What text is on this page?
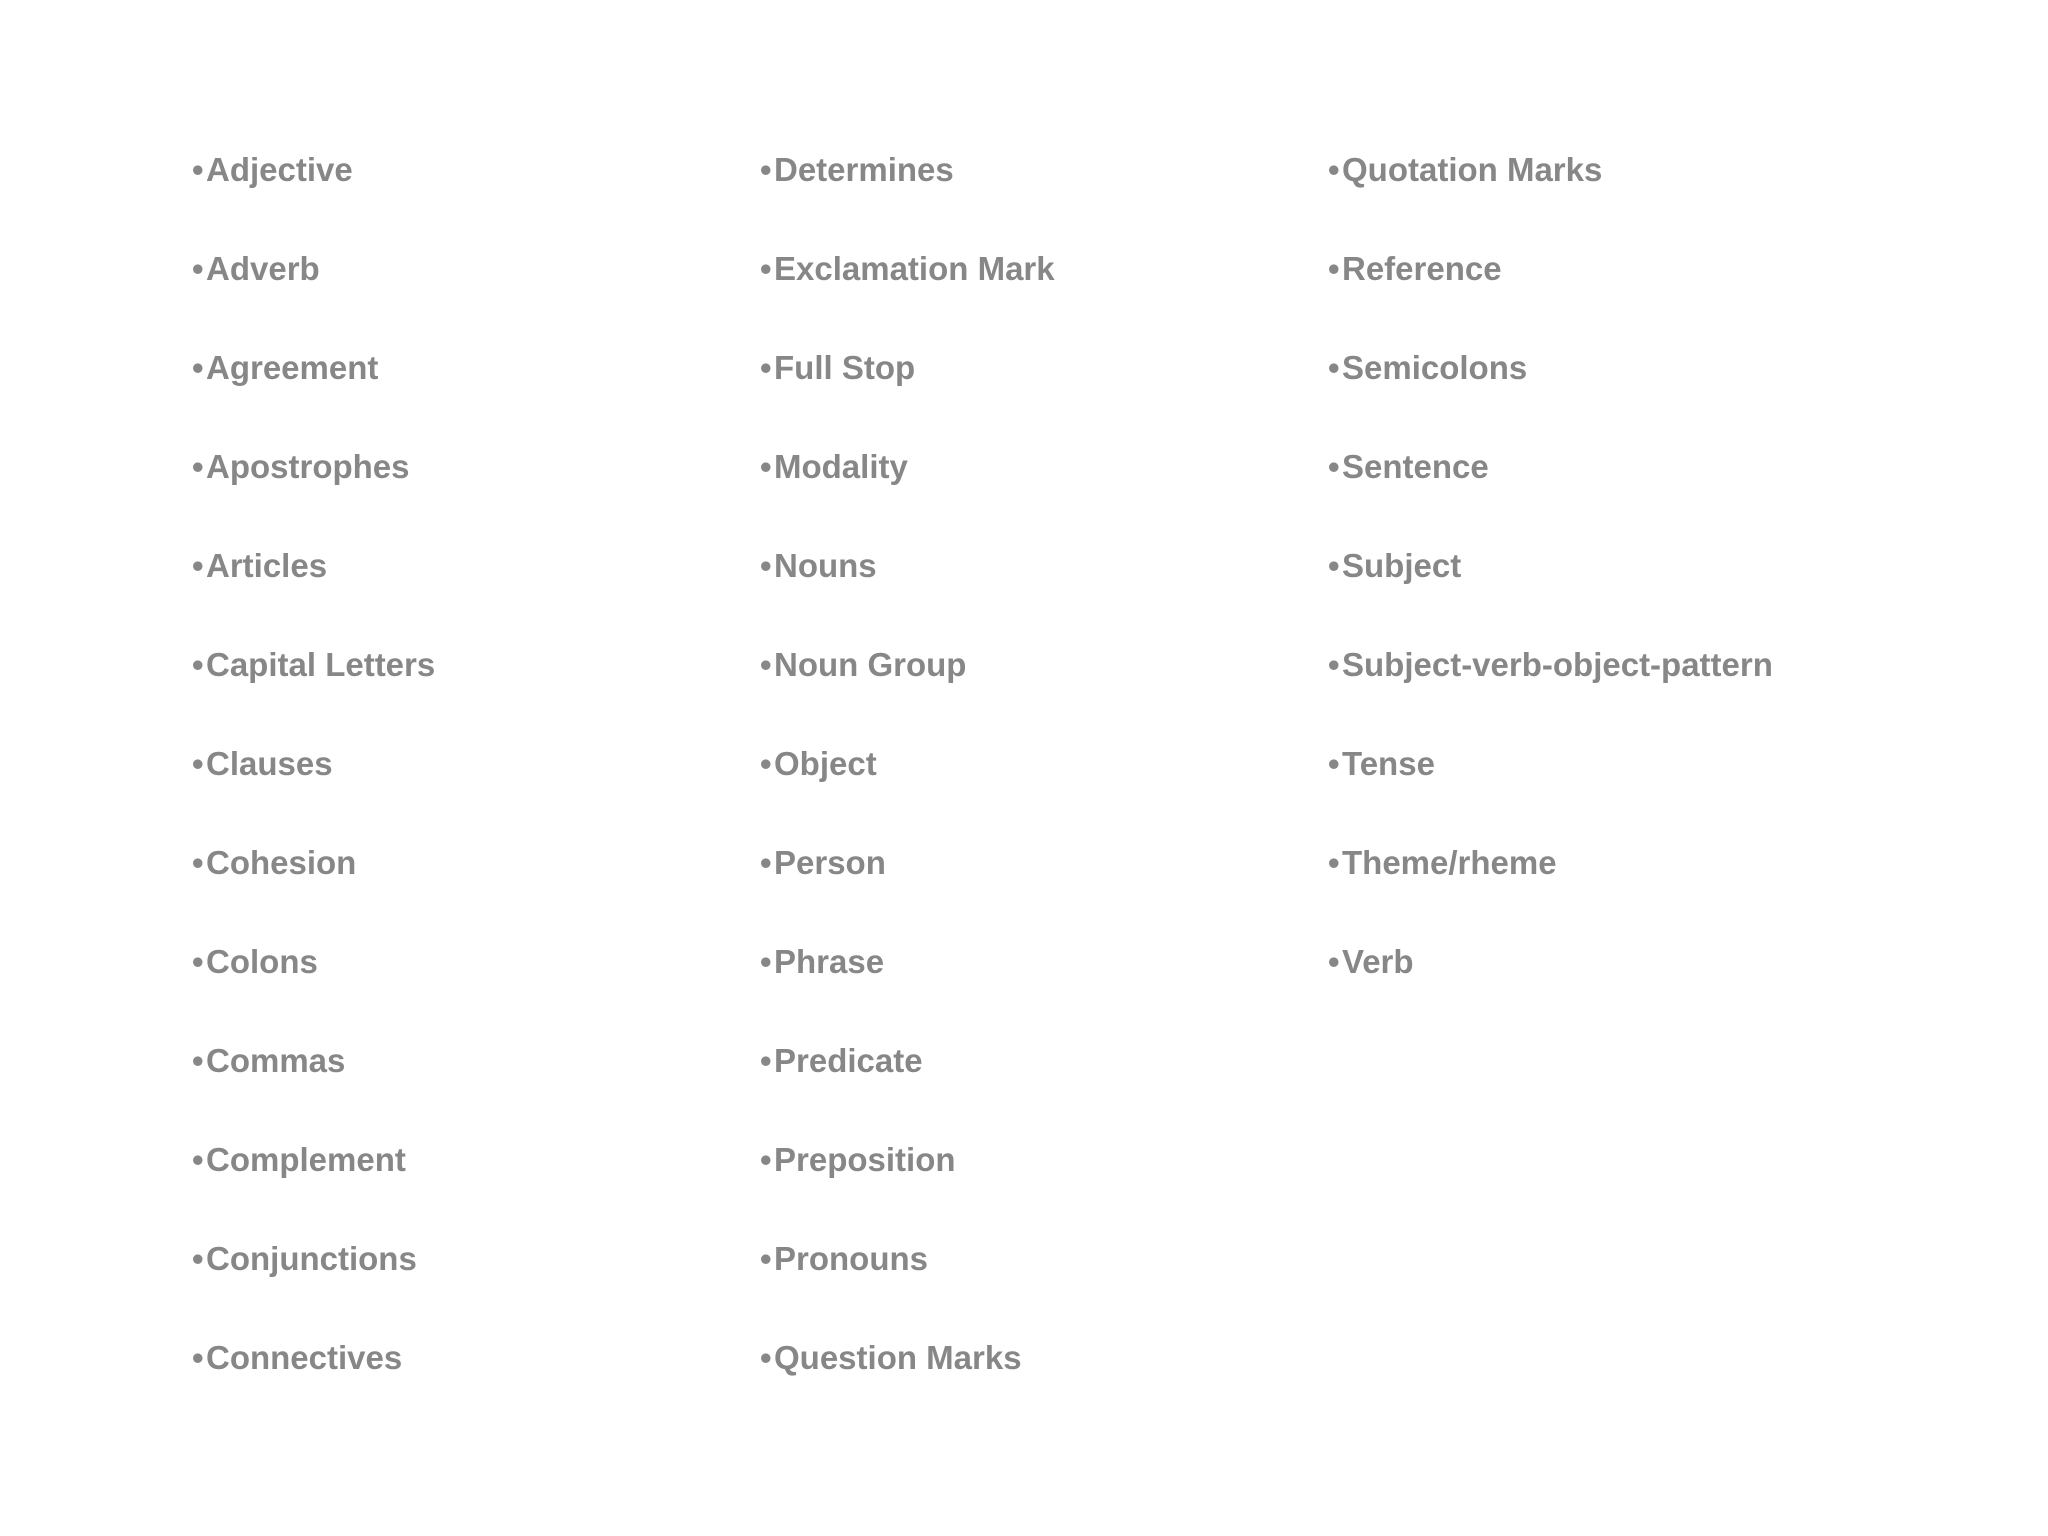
• Adjective
• Adverb
• Agreement
• Apostrophes
• Articles
• Capital Letters
• Clauses
• Cohesion
• Colons
• Commas
• Complement
• Conjunctions
• Connectives
• Determines
• Exclamation Mark
• Full Stop
• Modality
• Nouns
• Noun Group
• Object
• Person
• Phrase
• Predicate
• Preposition
• Pronouns
• Question Marks
• Quotation Marks
• Reference
• Semicolons
• Sentence
• Subject
• Subject-verb-object-pattern
• Tense
• Theme/rheme
• Verb
